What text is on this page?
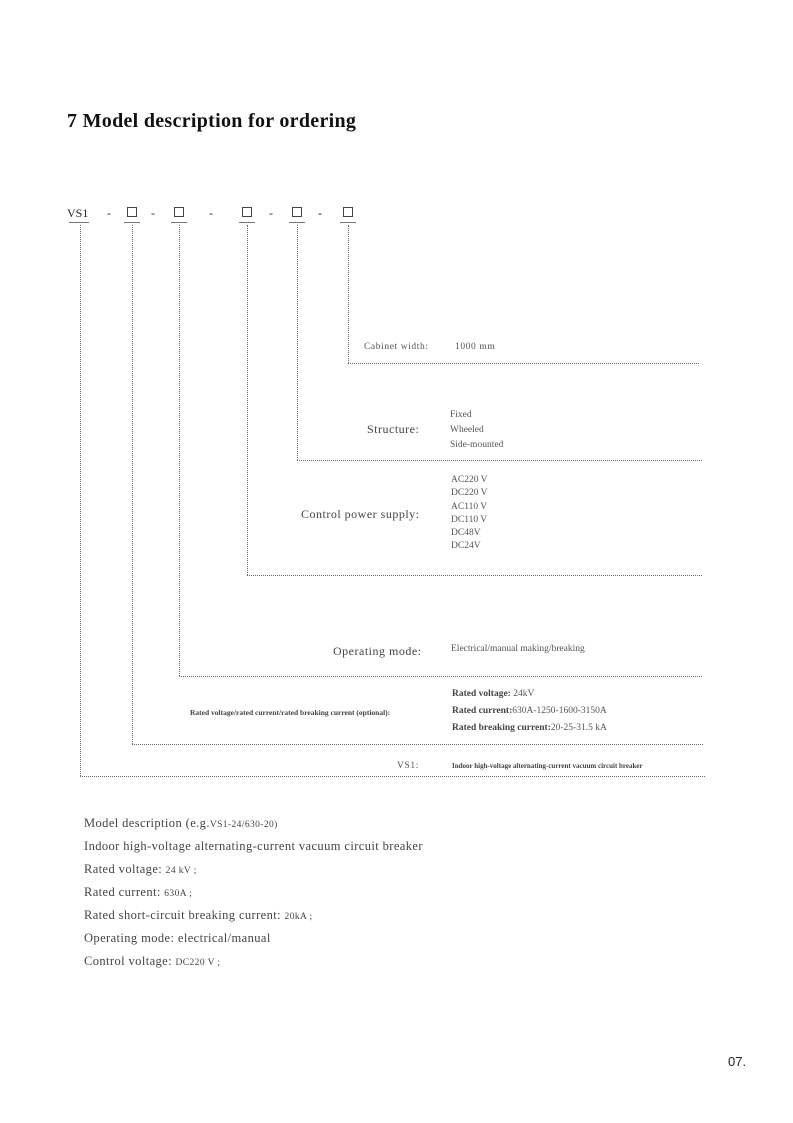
7 Model description for ordering
VS1 -	-	-	-	-
Cabinet width:	1000 mm
Structure:
Fixed
Wheeled
Side-mounted
Control power supply:
AC220 V
DC220 V
AC110 V
DC110 V
DC48V
DC24V
Operating mode:	Electrical/manual making/breaking
Rated voltage/rated current/rated breaking current (optional):
Rated voltage: 24kV
Rated current:630A-1250-1600-3150A
Rated breaking current:20-25-31.5 kA
VS1:	Indoor high-voltage alternating-current vacuum circuit breaker
Model description (e.g.VS1-24/630-20)
Indoor high-voltage alternating-current vacuum circuit breaker
Rated voltage: 24 kV ;
Rated current: 630A ;
Rated short-circuit breaking current: 20kA ;
Operating mode: electrical/manual
Control voltage: DC220 V ;
07.
